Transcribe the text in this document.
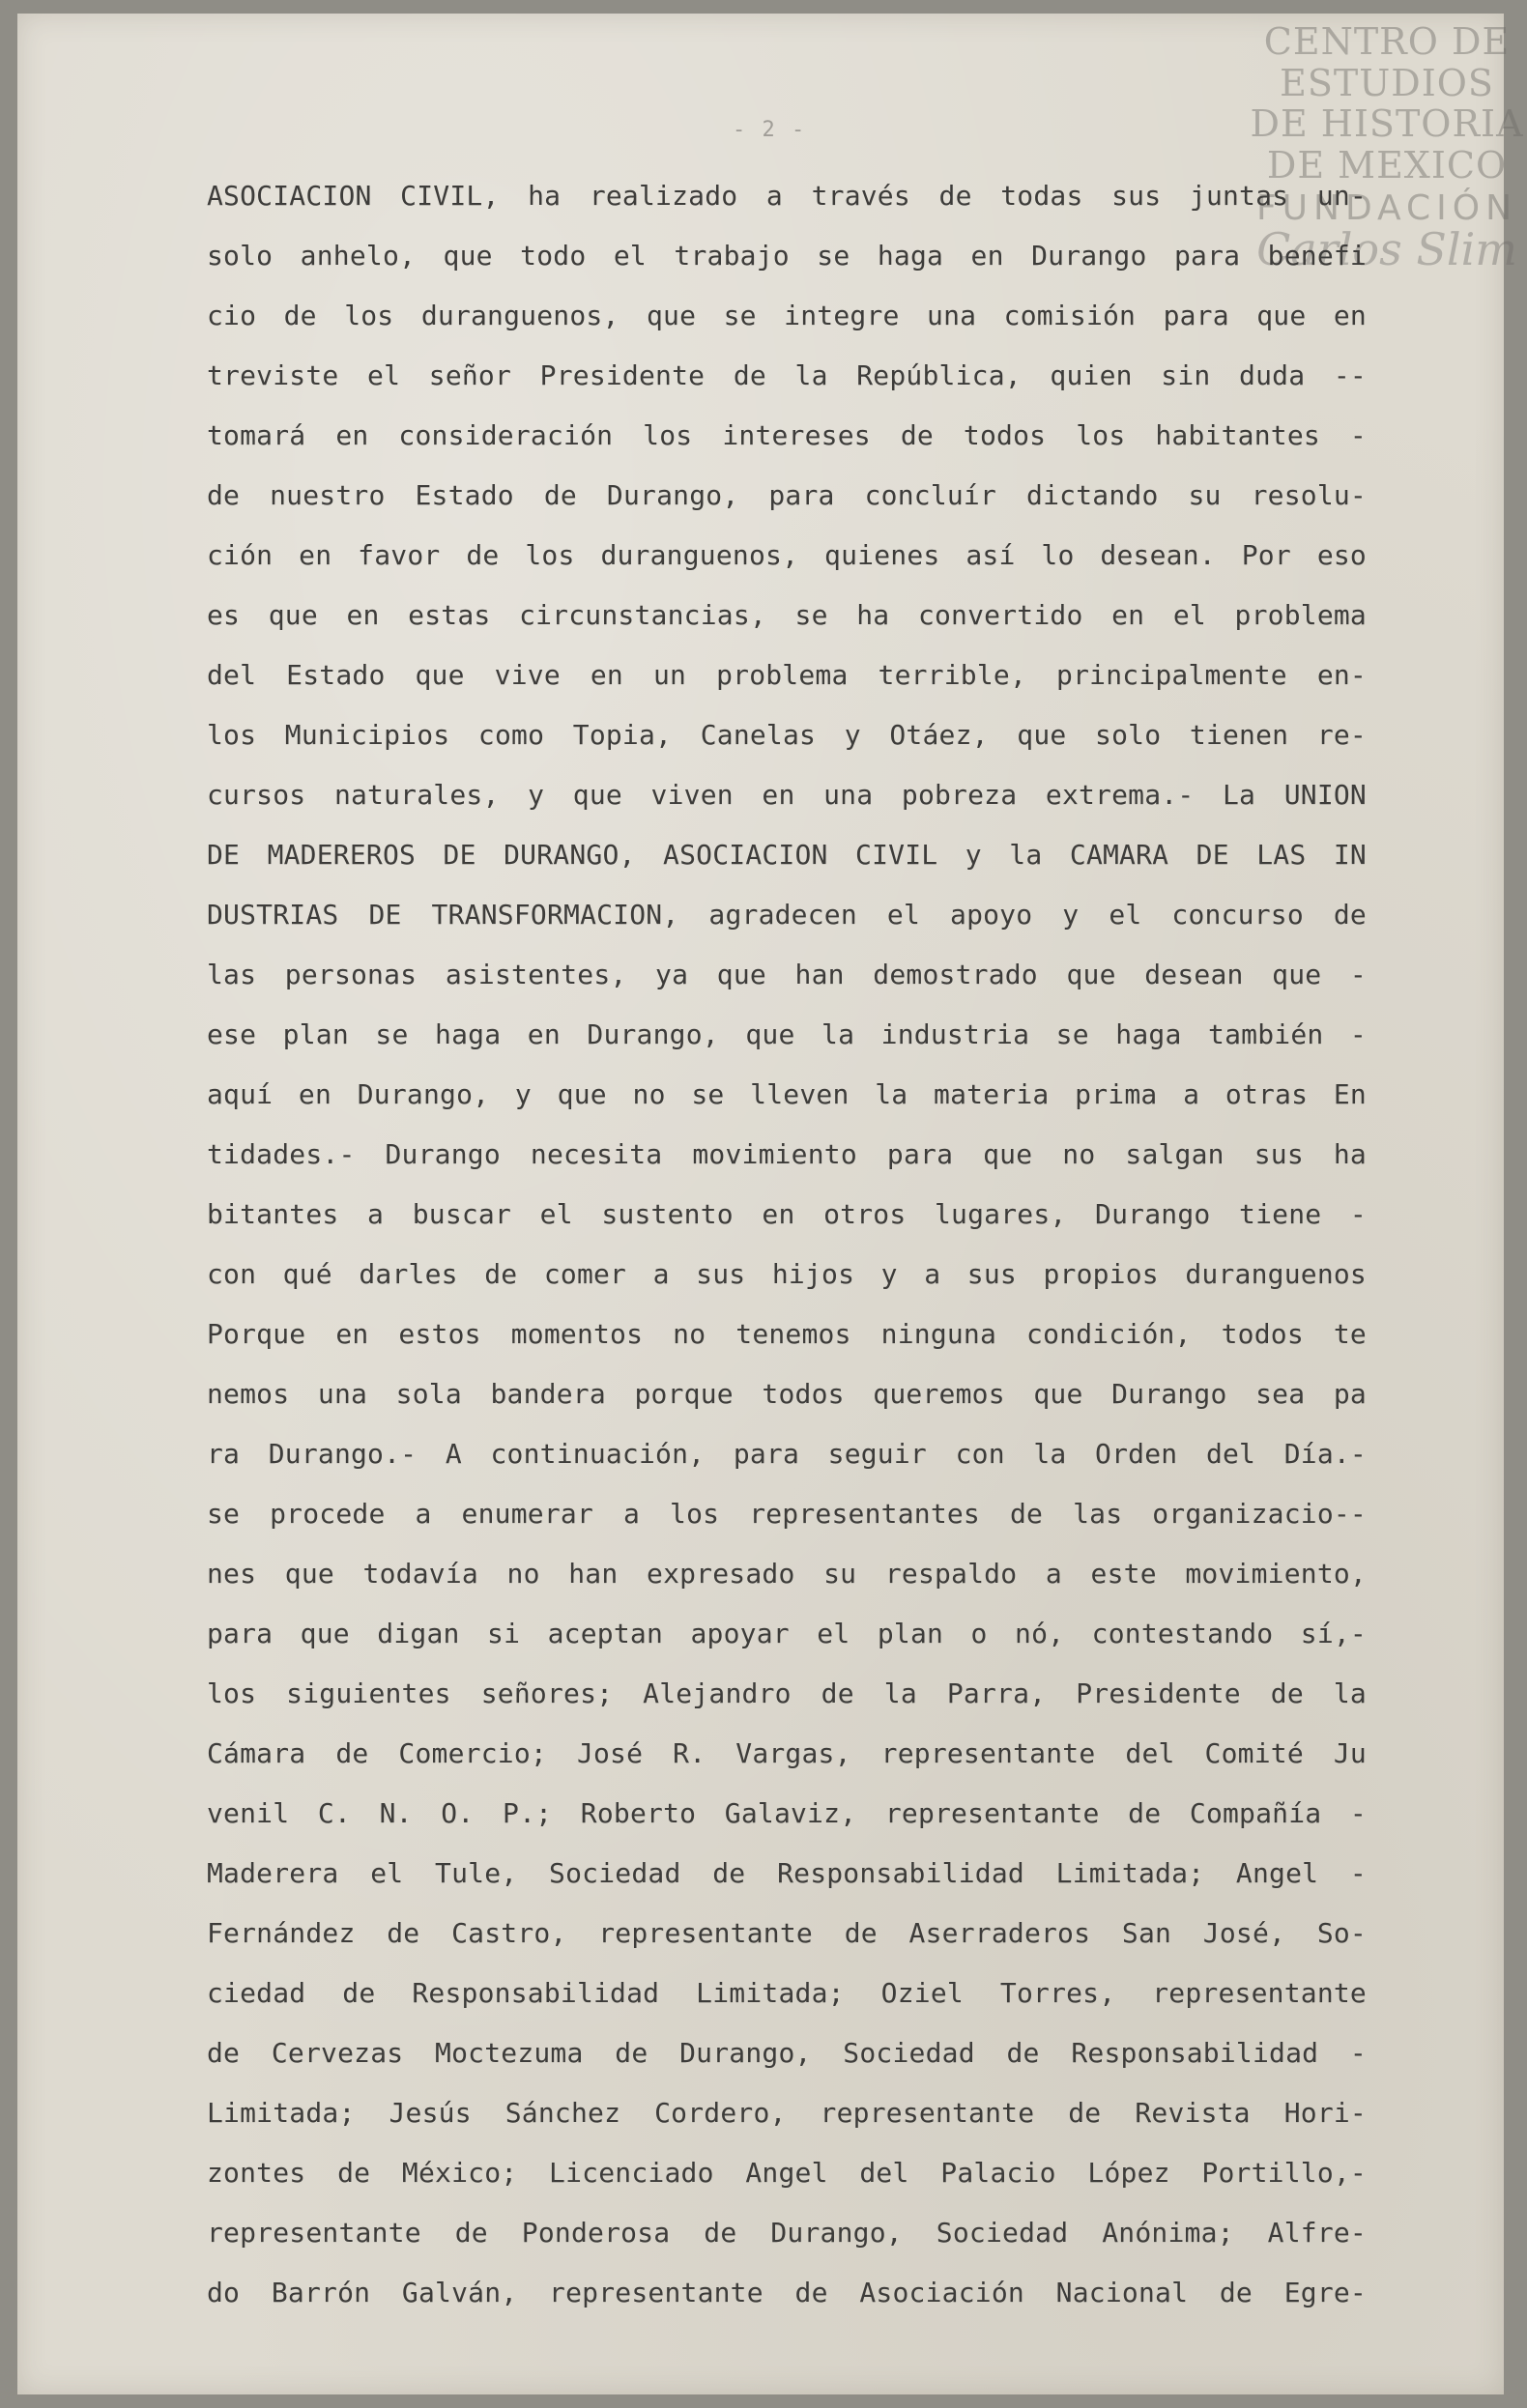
- 2 -
CENTRO DE
ESTUDIOS
DE HISTORIA
DE MEXICO
FUNDACIÓN
Carlos Slim
ASOCIACION CIVIL, ha realizado a través de todas sus juntas un-
solo anhelo, que todo el trabajo se haga en Durango para benefi
cio de los duranguenos, que se integre una comisión para que en
treviste el señor Presidente de la República, quien sin duda --
tomará en consideración los intereses de todos los habitantes -
de nuestro Estado de Durango, para concluír dictando su resolu-
ción en favor de los duranguenos, quienes así lo desean. Por eso
es que en estas circunstancias, se ha convertido en el problema
del Estado que vive en un problema terrible, principalmente en-
los Municipios como Topia, Canelas y Otáez, que solo tienen re-
cursos naturales, y que viven en una pobreza extrema.- La UNION
DE MADEREROS DE DURANGO, ASOCIACION CIVIL y la CAMARA DE LAS IN
DUSTRIAS DE TRANSFORMACION, agradecen el apoyo y el concurso de
las personas asistentes, ya que han demostrado que desean que -
ese plan se haga en Durango, que la industria se haga también -
aquí en Durango, y que no se lleven la materia prima a otras En
tidades.- Durango necesita movimiento para que no salgan sus ha
bitantes a buscar el sustento en otros lugares, Durango tiene -
con qué darles de comer a sus hijos y a sus propios duranguenos
Porque en estos momentos no tenemos ninguna condición, todos te
nemos una sola bandera porque todos queremos que Durango sea pa
ra Durango.- A continuación, para seguir con la Orden del Día.-
se procede a enumerar a los representantes de las organizacio--
nes que todavía no han expresado su respaldo a este movimiento,
para que digan si aceptan apoyar el plan o nó, contestando sí,-
los siguientes señores; Alejandro de la Parra, Presidente de la
Cámara de Comercio; José R. Vargas, representante del Comité Ju
venil C. N. O. P.; Roberto Galaviz, representante de Compañía -
Maderera el Tule, Sociedad de Responsabilidad Limitada; Angel -
Fernández de Castro, representante de Aserraderos San José, So-
ciedad de Responsabilidad Limitada; Oziel Torres, representante
de Cervezas Moctezuma de Durango, Sociedad de Responsabilidad -
Limitada; Jesús Sánchez Cordero, representante de Revista Hori-
zontes de México; Licenciado Angel del Palacio López Portillo,-
representante de Ponderosa de Durango, Sociedad Anónima; Alfre-
do Barrón Galván, representante de Asociación Nacional de Egre-
